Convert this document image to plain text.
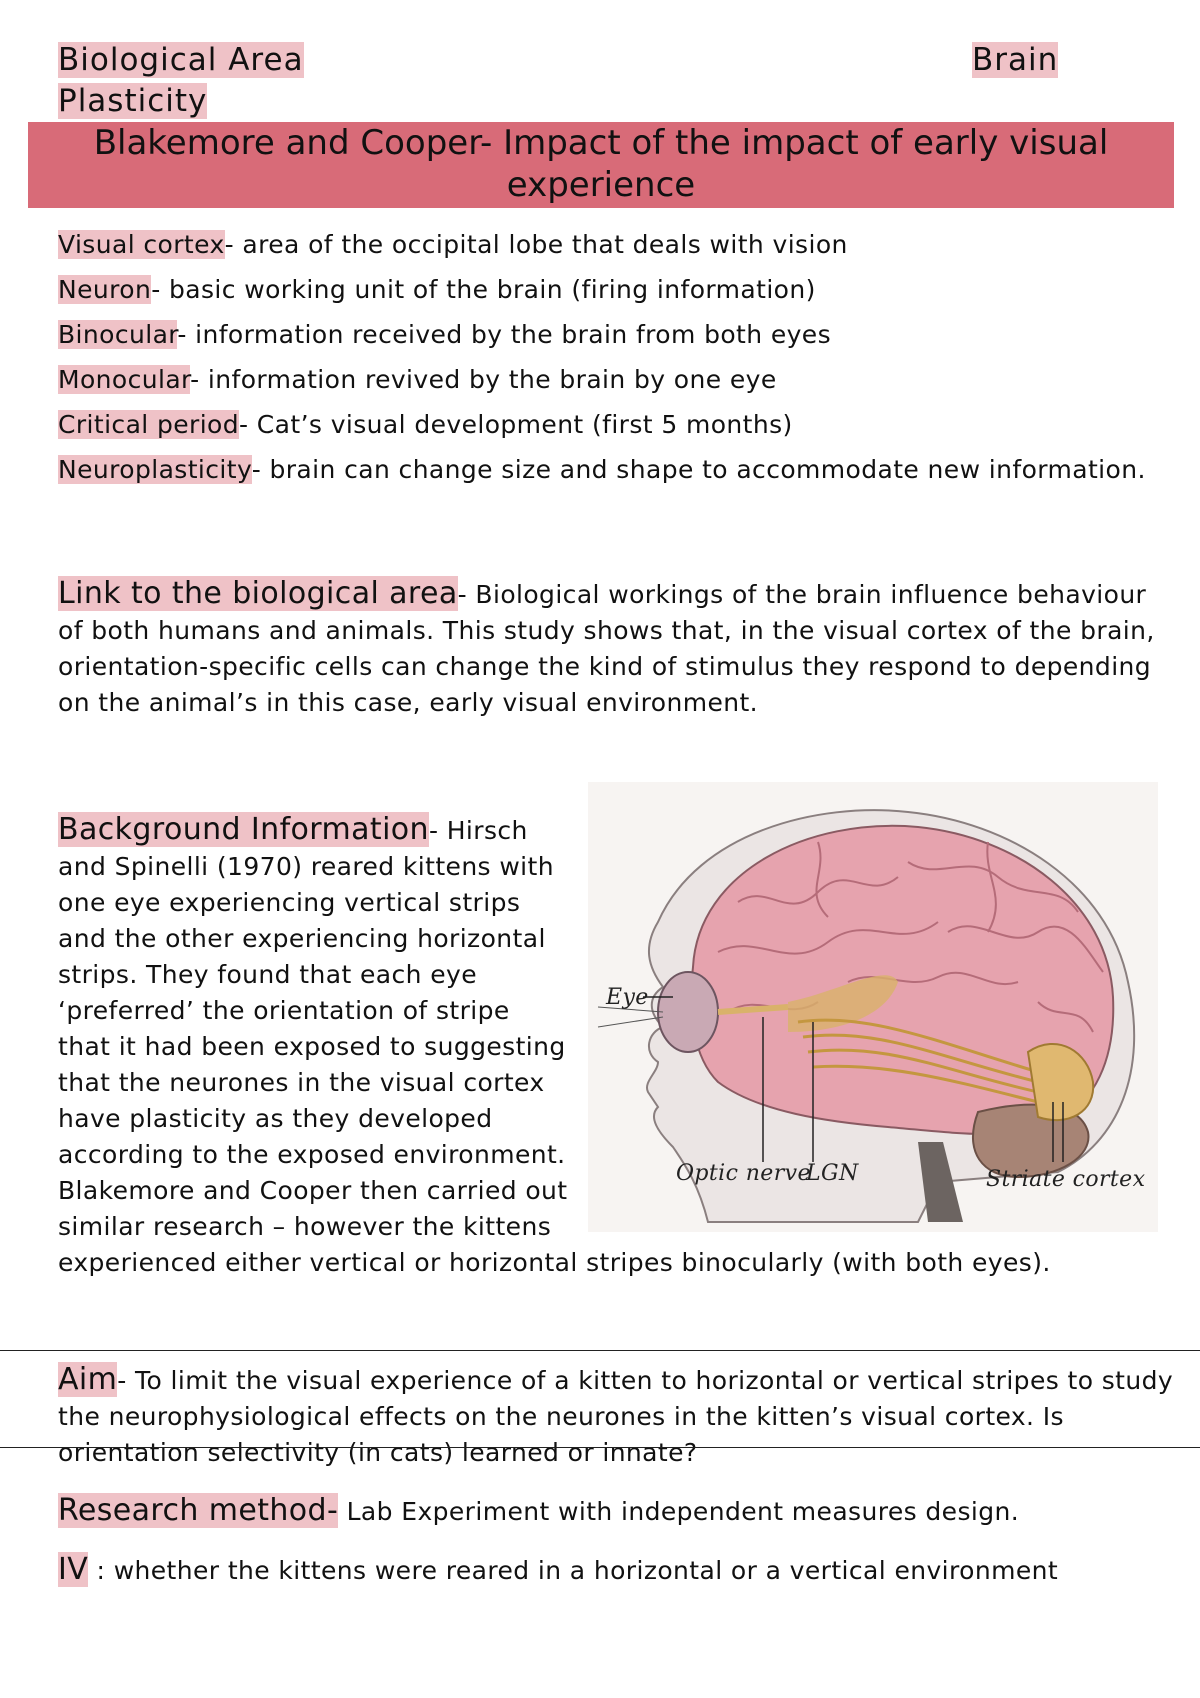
Biological Area
Plasticity
Brain
Blakemore and Cooper- Impact of the impact of early visual
experience

Visual cortex- area of the occipital lobe that deals with vision

Neuron- basic working unit of the brain (firing information)

Binocular- information received by the brain from both eyes

Monocular- information revived by the brain by one eye

Critical period- Cat’s visual development (first 5 months)

Neuroplasticity- brain can change size and shape to accommodate new information.

Link to the biological area- Biological workings of the brain influence behaviour of both humans and animals. This study shows that, in the visual cortex of the brain, orientation-specific cells can change the kind of stimulus they respond to depending on the animal’s in this case, early visual environment.

Eye
Optic nerve
LGN	Striate cortex

Background Information- Hirsch and Spinelli (1970) reared kittens with one eye experiencing vertical strips and the other experiencing horizontal strips. They found that each eye ‘preferred’ the orientation of stripe that it had been exposed to suggesting that the neurones in the visual cortex have plasticity as they developed according to the exposed environment. Blakemore and Cooper then carried out similar research – however the kittens experienced either vertical or horizontal stripes binocularly (with both eyes).

Aim- To limit the visual experience of a kitten to horizontal or vertical stripes to study the neurophysiological effects on the neurones in the kitten’s visual cortex. Is orientation selectivity (in cats) learned or innate?

Research method- Lab Experiment with independent measures design.

IV : whether the kittens were reared in a horizontal or a vertical environment
